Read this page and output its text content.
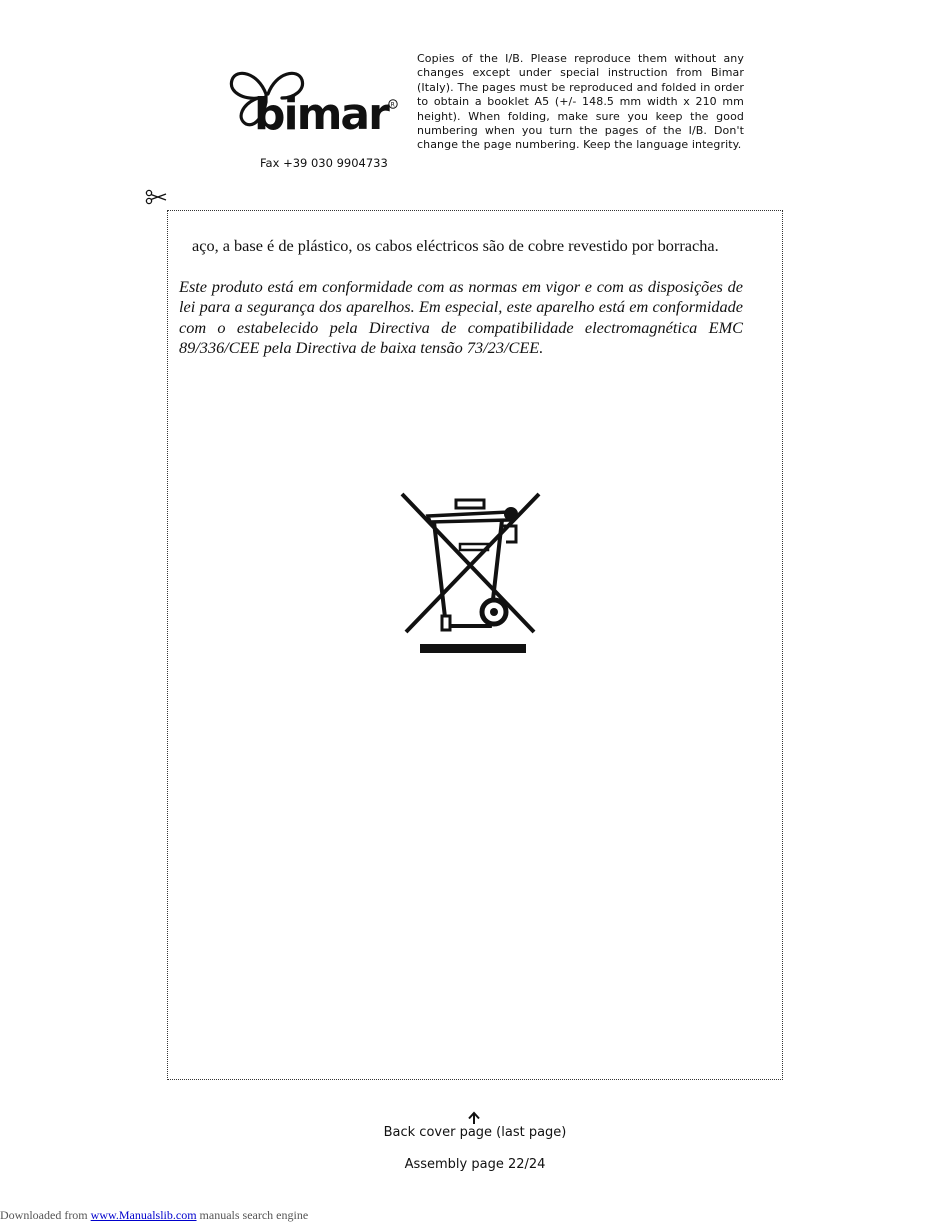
bimar R
Fax +39 030 9904733
Copies of the I/B. Please reproduce them without any changes except under special instruction from Bimar (Italy). The pages must be reproduced and folded in order to obtain a booklet A5 (+/- 148.5 mm width x 210 mm height). When folding, make sure you keep the good numbering when you turn the pages of the I/B. Don't change the page numbering. Keep the language integrity.
aço, a base é de plástico, os cabos eléctricos são de cobre revestido por borracha.
Este produto está em conformidade com as normas em vigor e com as disposições de lei para a segurança dos aparelhos. Em especial, este aparelho está em conformidade com o estabelecido pela Directiva de compatibilidade electromagnética EMC 89/336/CEE pela Directiva de baixa tensão 73/23/CEE.
Back cover page (last page)
Assembly page 22/24
Downloaded from www.Manualslib.com manuals search engine
